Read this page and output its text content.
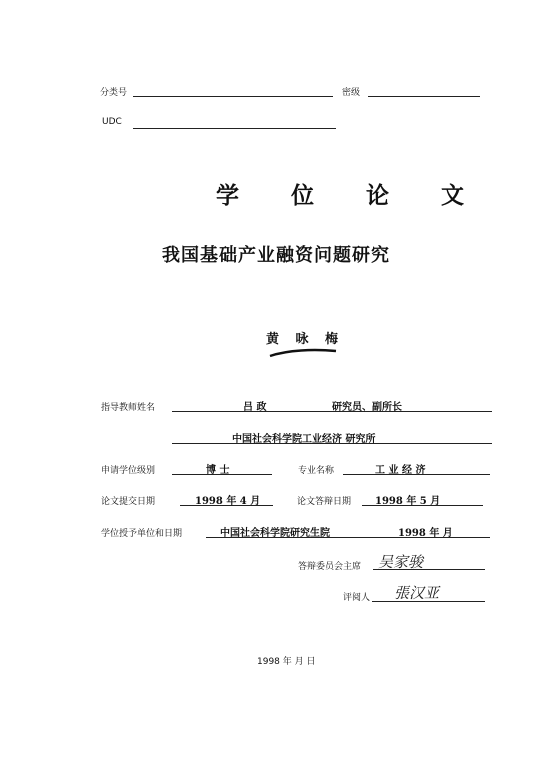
分类号	密级
UDC
学 位 论 文
我国基础产业融资问题研究
黄 咏 梅
指导教师姓名	吕 政	研究员、副所长
中国社会科学院工业经济 研究所
申请学位级别	博 士	专业名称	工 业 经 济
论文提交日期	1998 年 4 月	论文答辩日期 1998 年 5 月
学位授予单位和日期	中国社会科学院研究生院	1998 年 月
答辩委员会主席 吴家骏
评阅人 張汉亚
1998 年 月 日
